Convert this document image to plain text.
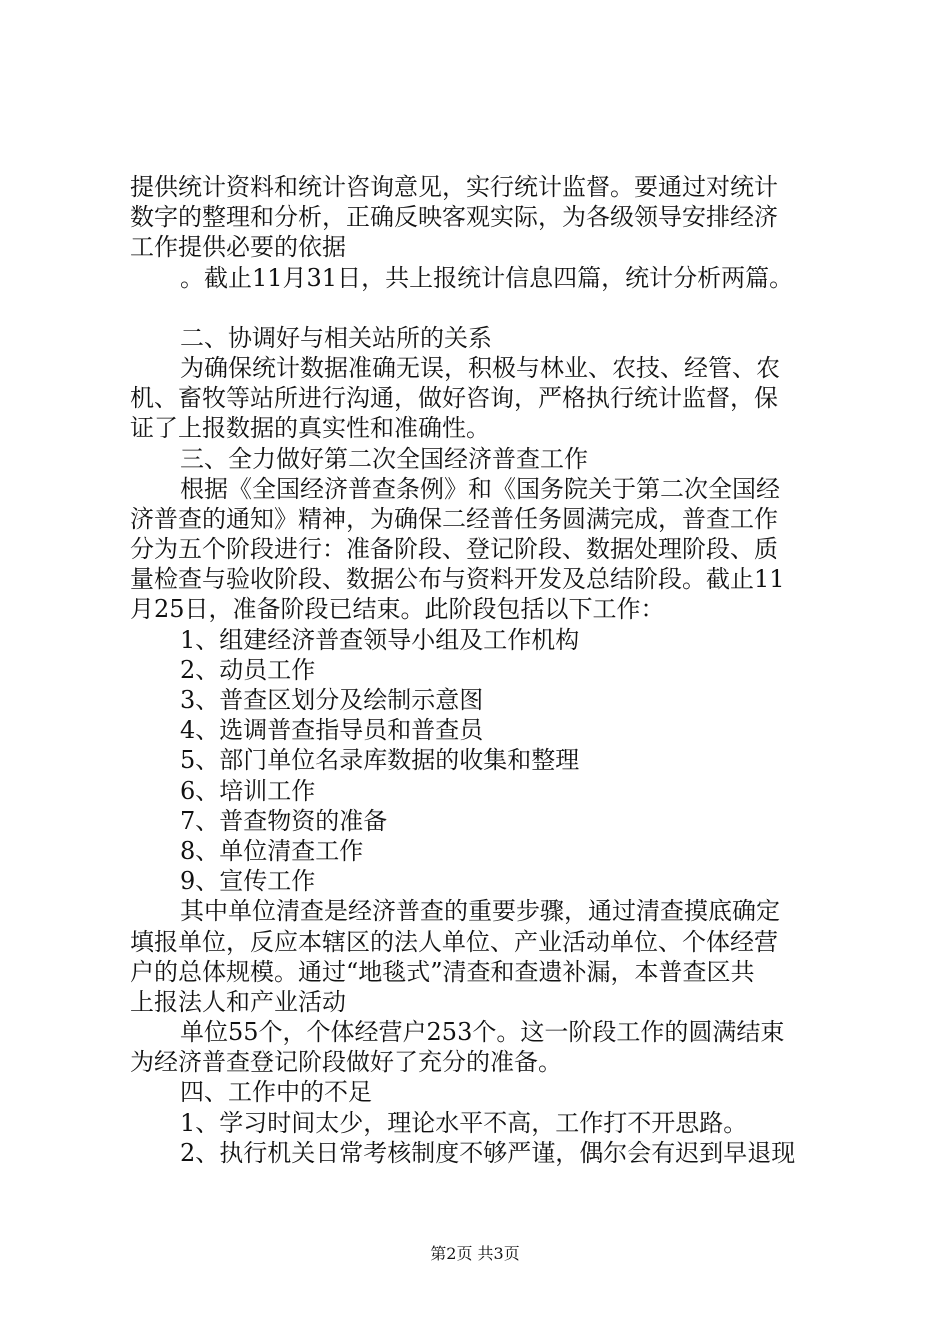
提供统计资料和统计咨询意见，实行统计监督。要通过对统计
数字的整理和分析，正确反映客观实际，为各级领导安排经济
工作提供必要的依据
。截止11月31日，共上报统计信息四篇，统计分析两篇。
二、协调好与相关站所的关系
为确保统计数据准确无误，积极与林业、农技、经管、农
机、畜牧等站所进行沟通，做好咨询，严格执行统计监督，保
证了上报数据的真实性和准确性。
三、全力做好第二次全国经济普查工作
根据《全国经济普查条例》和《国务院关于第二次全国经
济普查的通知》精神，为确保二经普任务圆满完成，普查工作
分为五个阶段进行：准备阶段、登记阶段、数据处理阶段、质
量检查与验收阶段、数据公布与资料开发及总结阶段。截止11
月25日，准备阶段已结束。此阶段包括以下工作：
1、组建经济普查领导小组及工作机构
2、动员工作
3、普查区划分及绘制示意图
4、选调普查指导员和普查员
5、部门单位名录库数据的收集和整理
6、培训工作
7、普查物资的准备
8、单位清查工作
9、宣传工作
其中单位清查是经济普查的重要步骤，通过清查摸底确定
填报单位，反应本辖区的法人单位、产业活动单位、个体经营
户的总体规模。通过“地毯式”清查和查遗补漏，本普查区共
上报法人和产业活动
单位55个，个体经营户253个。这一阶段工作的圆满结束
为经济普查登记阶段做好了充分的准备。
四、工作中的不足
1、学习时间太少，理论水平不高，工作打不开思路。
2、执行机关日常考核制度不够严谨，偶尔会有迟到早退现
第2页 共3页
